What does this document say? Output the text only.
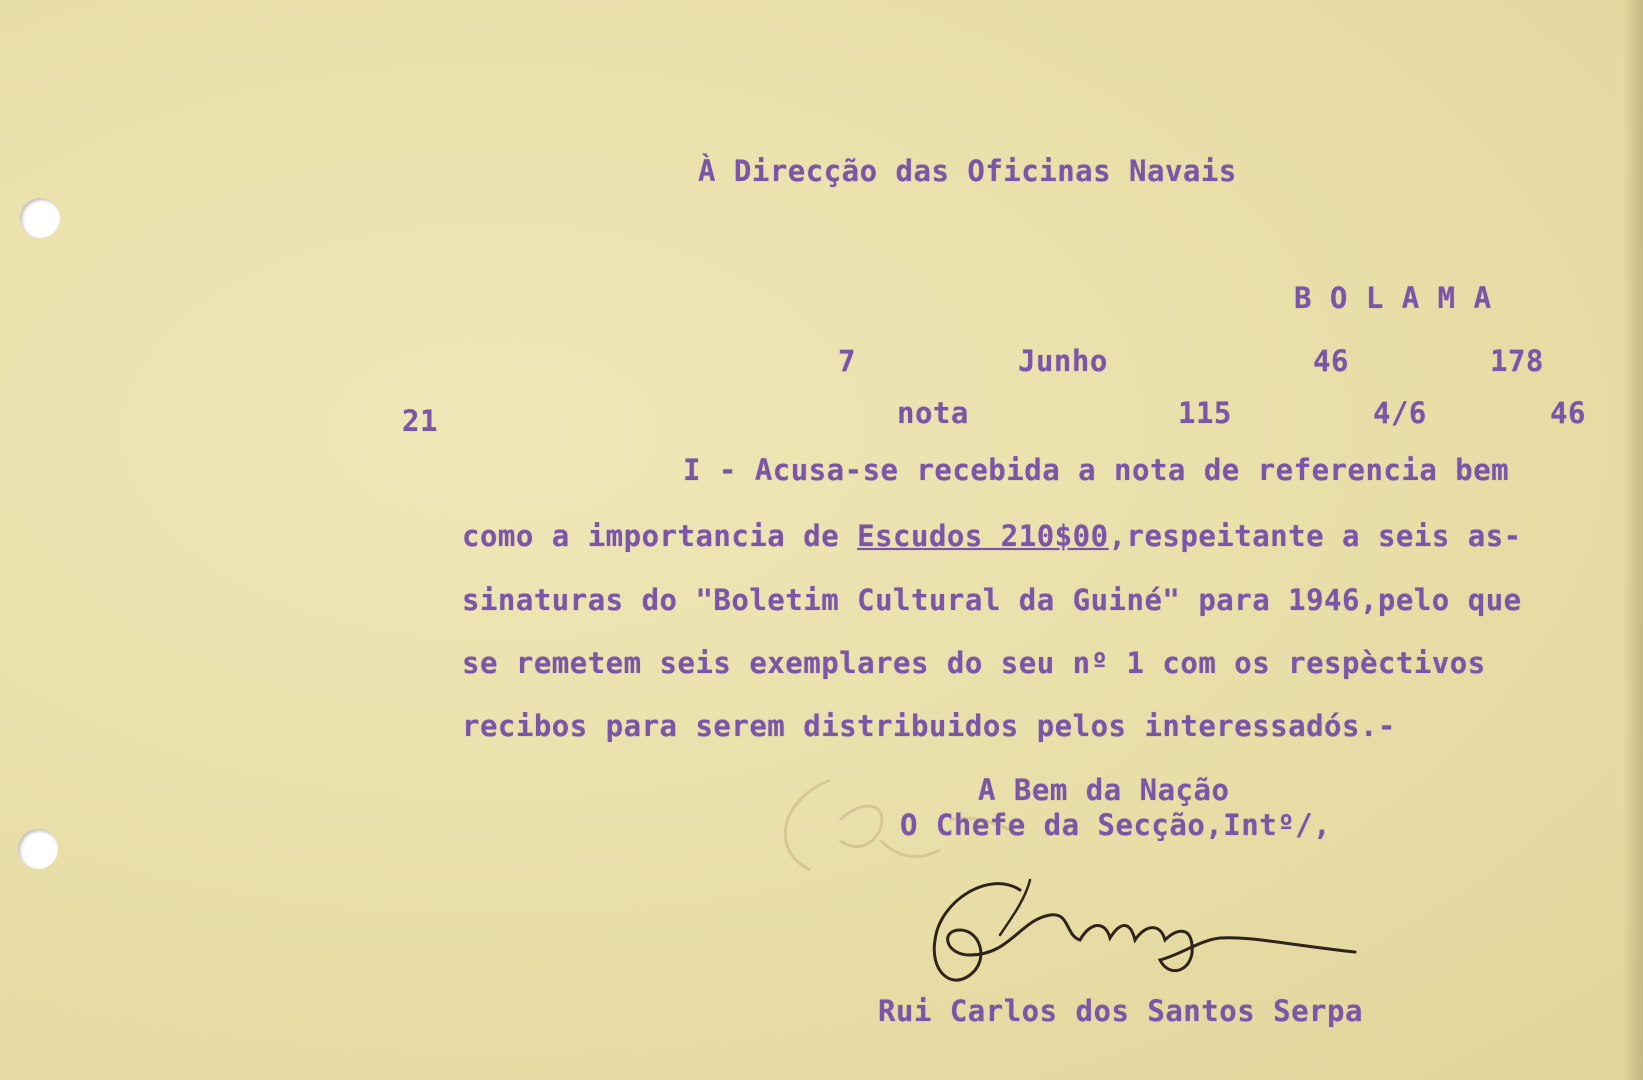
À Direcção das Oficinas Navais
B O L A M A
7	Junho	46	178
21	nota	115	4/6	46
I - Acusa-se recebida a nota de referencia bem
como a importancia de Escudos 210$00,respeitante a seis as-
sinaturas do "Boletim Cultural da Guiné" para 1946,pelo que
se remetem seis exemplares do seu nº 1 com os respèctivos
recibos para serem distribuidos pelos interessadós.-
A Bem da Nação
O Chefe da Secção,Intº/,
Rui Carlos dos Santos Serpa
